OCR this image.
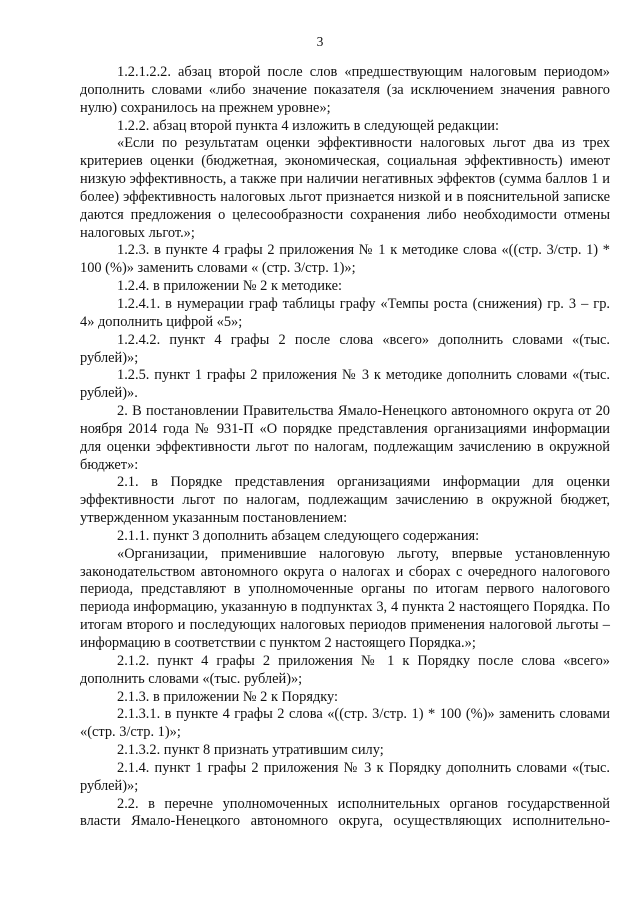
3

1.2.1.2.2. абзац второй после слов «предшествующим налоговым периодом» дополнить словами «либо значение показателя (за исключением значения равного нулю) сохранилось на прежнем уровне»;

1.2.2. абзац второй пункта 4 изложить в следующей редакции:

«Если по результатам оценки эффективности налоговых льгот два из трех критериев оценки (бюджетная, экономическая, социальная эффективность) имеют низкую эффективность, а также при наличии негативных эффектов (сумма баллов 1 и более) эффективность налоговых льгот признается низкой и в пояснительной записке даются предложения о целесообразности сохранения либо необходимости отмены налоговых льгот.»;

1.2.3. в пункте 4 графы 2 приложения № 1 к методике слова «((стр. 3/стр. 1) * 100 (%)» заменить словами « (стр. 3/стр. 1)»;

1.2.4. в приложении № 2 к методике:

1.2.4.1. в нумерации граф таблицы графу «Темпы роста (снижения) гр. 3 – гр. 4» дополнить цифрой «5»;

1.2.4.2. пункт 4 графы 2 после слова «всего» дополнить словами «(тыс. рублей)»;

1.2.5. пункт 1 графы 2 приложения № 3 к методике дополнить словами «(тыс. рублей)».

2. В постановлении Правительства Ямало-Ненецкого автономного округа от 20 ноября 2014 года № 931-П «О порядке представления организациями информации для оценки эффективности льгот по налогам, подлежащим зачислению в окружной бюджет»:

2.1. в Порядке представления организациями информации для оценки эффективности льгот по налогам, подлежащим зачислению в окружной бюджет, утвержденном указанным постановлением:

2.1.1. пункт 3 дополнить абзацем следующего содержания:

«Организации, применившие налоговую льготу, впервые установленную законодательством автономного округа о налогах и сборах с очередного налогового периода, представляют в уполномоченные органы по итогам первого налогового периода информацию, указанную в подпунктах 3, 4 пункта 2 настоящего Порядка. По итогам второго и последующих налоговых периодов применения налоговой льготы – информацию в соответствии с пунктом 2 настоящего Порядка.»;

2.1.2. пункт 4 графы 2 приложения № 1 к Порядку после слова «всего» дополнить словами «(тыс. рублей)»;

2.1.3. в приложении № 2 к Порядку:

2.1.3.1. в пункте 4 графы 2 слова «((стр. 3/стр. 1) * 100 (%)» заменить словами «(стр. 3/стр. 1)»;

2.1.3.2. пункт 8 признать утратившим силу;

2.1.4. пункт 1 графы 2 приложения № 3 к Порядку дополнить словами «(тыс. рублей)»;

2.2. в перечне уполномоченных исполнительных органов государственной власти Ямало-Ненецкого автономного округа, осуществляющих исполнительно-
